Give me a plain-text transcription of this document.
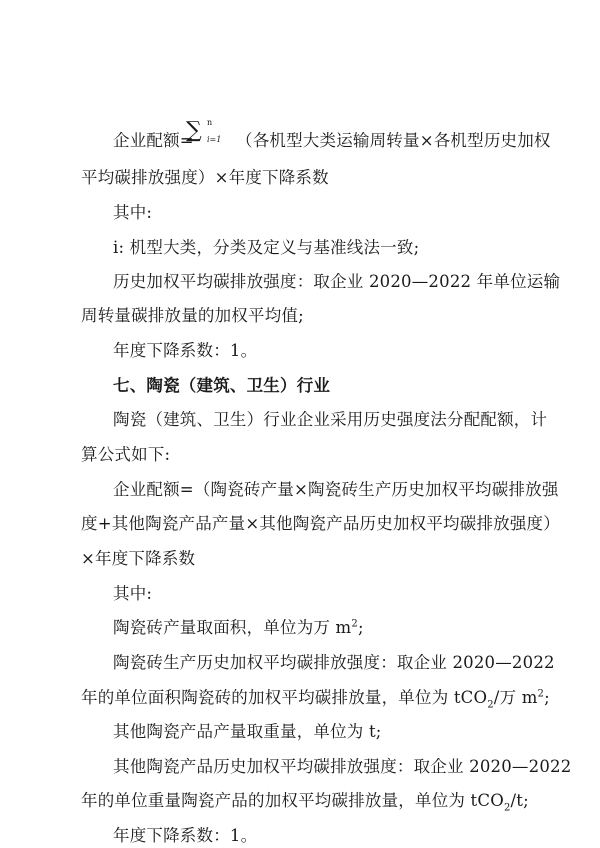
企业配额=
∑ n
i=1 （各机型大类运输周转量×各机型历史加权
平均碳排放强度）×年度下降系数
其中:
i: 机型大类，分类及定义与基准线法一致;
历史加权平均碳排放强度：取企业 2020—2022 年单位运输
周转量碳排放量的加权平均值;
年度下降系数：1。
七、陶瓷（建筑、卫生）行业
陶瓷（建筑、卫生）行业企业采用历史强度法分配配额，计
算公式如下:
企业配额=（陶瓷砖产量×陶瓷砖生产历史加权平均碳排放强
度+其他陶瓷产品产量×其他陶瓷产品历史加权平均碳排放强度）
×年度下降系数
其中:
陶瓷砖产量取面积，单位为万 $m^2$;
陶瓷砖生产历史加权平均碳排放强度：取企业 2020—2022
年的单位面积陶瓷砖的加权平均碳排放量，单位为 tCO$_2$/万 $m^2$;
其他陶瓷产品产量取重量，单位为 t;
其他陶瓷产品历史加权平均碳排放强度：取企业 2020—2022
年的单位重量陶瓷产品的加权平均碳排放量，单位为 tCO$_2$/t;
年度下降系数：1。
